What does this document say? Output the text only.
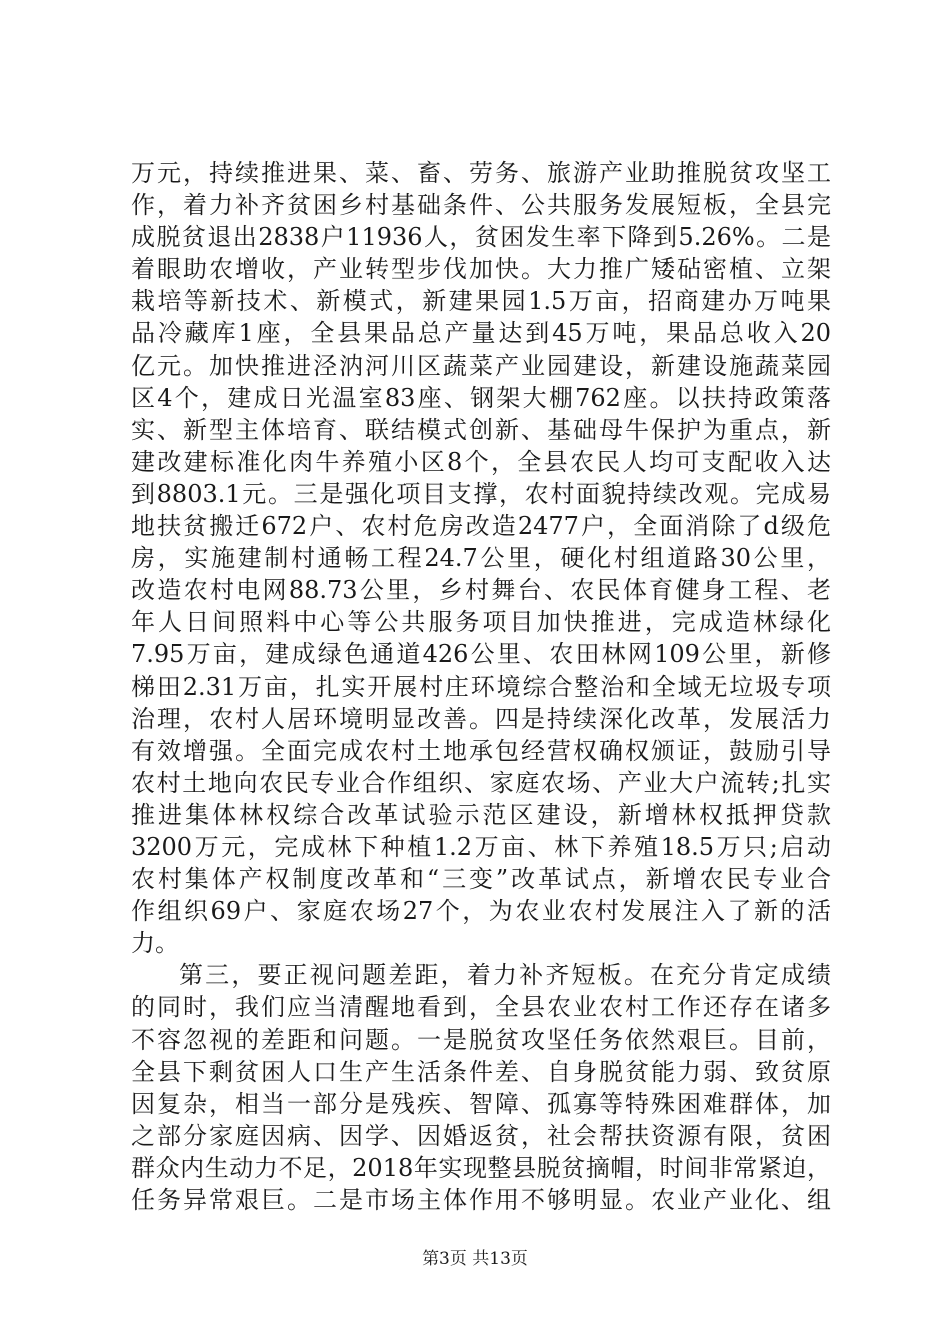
万元，持续推进果、菜、畜、劳务、旅游产业助推脱贫攻坚工
作，着力补齐贫困乡村基础条件、公共服务发展短板，全县完
成脱贫退出2838户11936人，贫困发生率下降到5.26%。二是
着眼助农增收，产业转型步伐加快。大力推广矮砧密植、立架
栽培等新技术、新模式，新建果园1.5万亩，招商建办万吨果
品冷藏库1座，全县果品总产量达到45万吨，果品总收入20
亿元。加快推进泾汭河川区蔬菜产业园建设，新建设施蔬菜园
区4个，建成日光温室83座、钢架大棚762座。以扶持政策落
实、新型主体培育、联结模式创新、基础母牛保护为重点，新
建改建标准化肉牛养殖小区8个，全县农民人均可支配收入达
到8803.1元。三是强化项目支撑，农村面貌持续改观。完成易
地扶贫搬迁672户、农村危房改造2477户，全面消除了d级危
房，实施建制村通畅工程24.7公里，硬化村组道路30公里，
改造农村电网88.73公里，乡村舞台、农民体育健身工程、老
年人日间照料中心等公共服务项目加快推进，完成造林绿化
7.95万亩，建成绿色通道426公里、农田林网109公里，新修
梯田2.31万亩，扎实开展村庄环境综合整治和全域无垃圾专项
治理，农村人居环境明显改善。四是持续深化改革，发展活力
有效增强。全面完成农村土地承包经营权确权颁证，鼓励引导
农村土地向农民专业合作组织、家庭农场、产业大户流转;扎实
推进集体林权综合改革试验示范区建设，新增林权抵押贷款
3200万元，完成林下种植1.2万亩、林下养殖18.5万只;启动
农村集体产权制度改革和“三变”改革试点，新增农民专业合
作组织69户、家庭农场27个，为农业农村发展注入了新的活
力。
第三，要正视问题差距，着力补齐短板。在充分肯定成绩
的同时，我们应当清醒地看到，全县农业农村工作还存在诸多
不容忽视的差距和问题。一是脱贫攻坚任务依然艰巨。目前，
全县下剩贫困人口生产生活条件差、自身脱贫能力弱、致贫原
因复杂，相当一部分是残疾、智障、孤寡等特殊困难群体，加
之部分家庭因病、因学、因婚返贫，社会帮扶资源有限，贫困
群众内生动力不足，2018年实现整县脱贫摘帽，时间非常紧迫，
任务异常艰巨。二是市场主体作用不够明显。农业产业化、组
第3页 共13页
